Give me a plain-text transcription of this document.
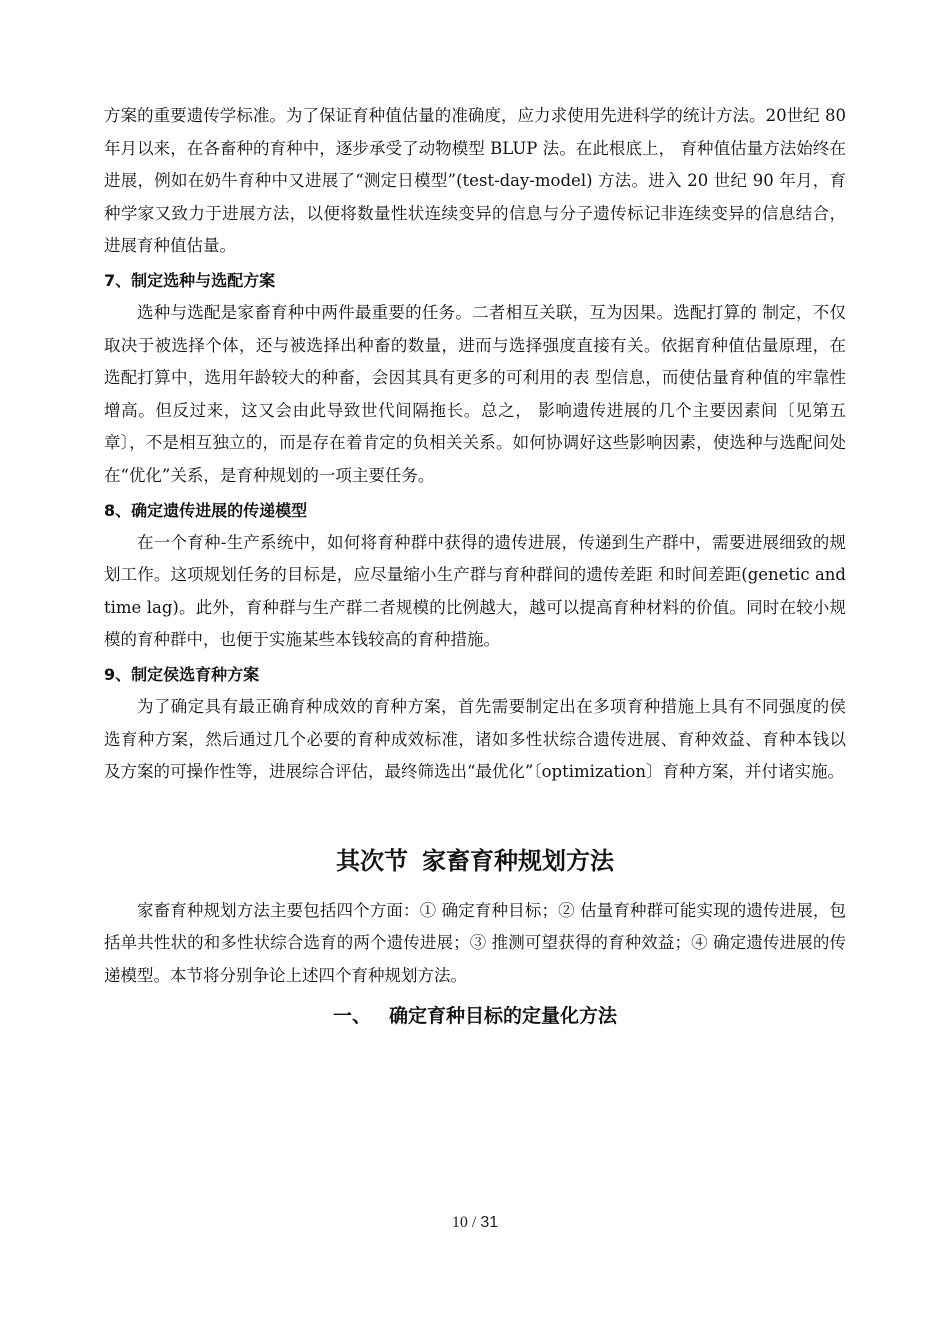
方案的重要遗传学标准。为了保证育种值估量的准确度，应力求使用先进科学的统计方法。20世纪 80 年月以来，在各畜种的育种中，逐步承受了动物模型 BLUP 法。在此根底上， 育种值估量方法始终在进展，例如在奶牛育种中又进展了“测定日模型”(test-day-model) 方法。进入 20 世纪 90 年月，育种学家又致力于进展方法，以便将数量性状连续变异的信息与分子遗传标记非连续变异的信息结合，进展育种值估量。

7、制定选种与选配方案

选种与选配是家畜育种中两件最重要的任务。二者相互关联，互为因果。选配打算的 制定，不仅取决于被选择个体，还与被选择出种畜的数量，进而与选择强度直接有关。依据育种值估量原理，在选配打算中，选用年龄较大的种畜，会因其具有更多的可利用的表 型信息，而使估量育种值的牢靠性增高。但反过来，这又会由此导致世代间隔拖长。总之， 影响遗传进展的几个主要因素间〔见第五章〕，不是相互独立的，而是存在着肯定的负相关关系。如何协调好这些影响因素，使选种与选配间处在“优化”关系，是育种规划的一项主要任务。

8、确定遗传进展的传递模型

在一个育种-生产系统中，如何将育种群中获得的遗传进展，传递到生产群中，需要进展细致的规划工作。这项规划任务的目标是，应尽量缩小生产群与育种群间的遗传差距 和时间差距(genetic and time lag)。此外，育种群与生产群二者规模的比例越大，越可以提高育种材料的价值。同时在较小规模的育种群中，也便于实施某些本钱较高的育种措施。

9、制定侯选育种方案

为了确定具有最正确育种成效的育种方案，首先需要制定出在多项育种措施上具有不同强度的侯选育种方案，然后通过几个必要的育种成效标准，诸如多性状综合遗传进展、育种效益、育种本钱以及方案的可操作性等，进展综合评估，最终筛选出“最优化”〔optimization〕育种方案，并付诸实施。

其次节 家畜育种规划方法

家畜育种规划方法主要包括四个方面：① 确定育种目标；② 估量育种群可能实现的遗传进展，包括单共性状的和多性状综合选育的两个遗传进展；③ 推测可望获得的育种效益；④ 确定遗传进展的传递模型。本节将分别争论上述四个育种规划方法。

一、 确定育种目标的定量化方法
10 / 31
